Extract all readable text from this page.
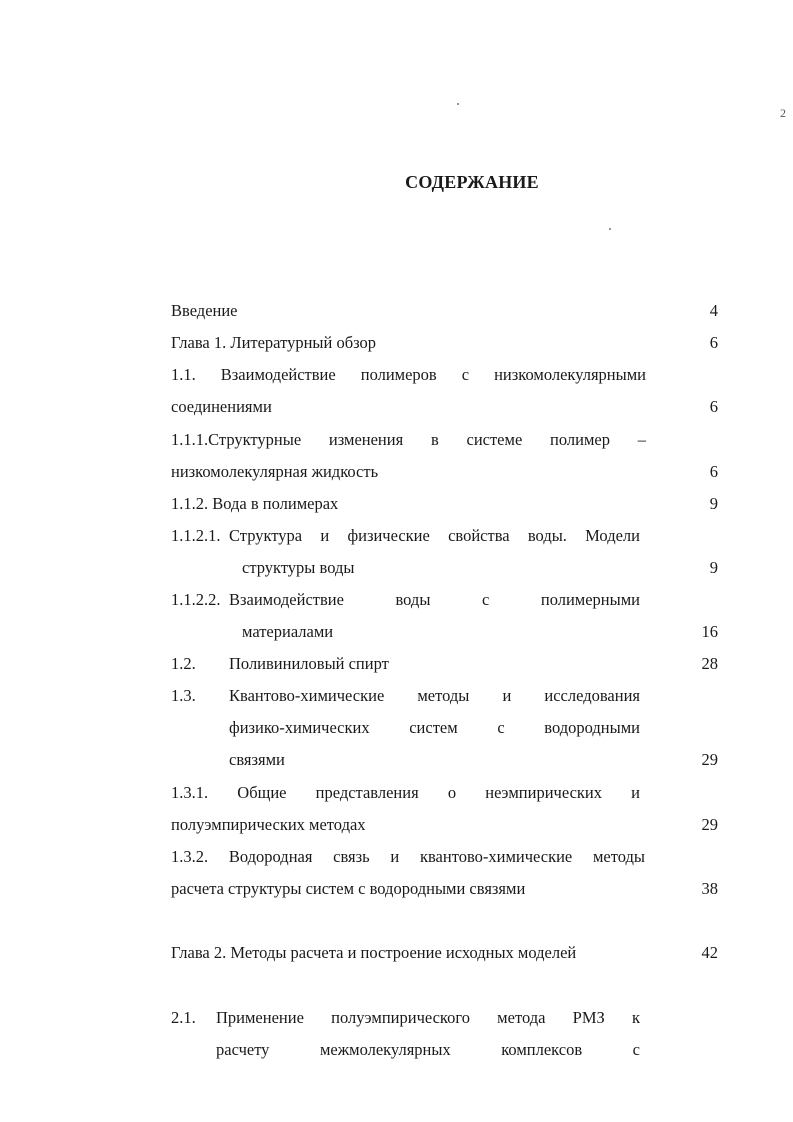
2
СОДЕРЖАНИЕ
Введение	4
Глава 1. Литературный обзор	6
1.1. Взаимодействие полимеров с низкомолекулярными
соединениями	6
1.1.1.Структурные изменения в системе полимер –
низкомолекулярная жидкость	6
1.1.2. Вода в полимерах	9
1.1.2.1. Структура и физические свойства воды. Модели
структуры воды	9
1.1.2.2. Взаимодействие воды с полимерными
материалами	16
1.2. Поливиниловый спирт	28
1.3. Квантово-химические методы и исследования
физико-химических систем с водородными
связями	29
1.3.1. Общие представления о неэмпирических и
полуэмпирических методах	29
1.3.2. Водородная связь и квантово-химические методы
расчета структуры систем с водородными связями	38
Глава 2. Методы расчета и построение исходных моделей	42
2.1. Применение полуэмпирического метода РМЗ к
расчету межмолекулярных комплексов с
